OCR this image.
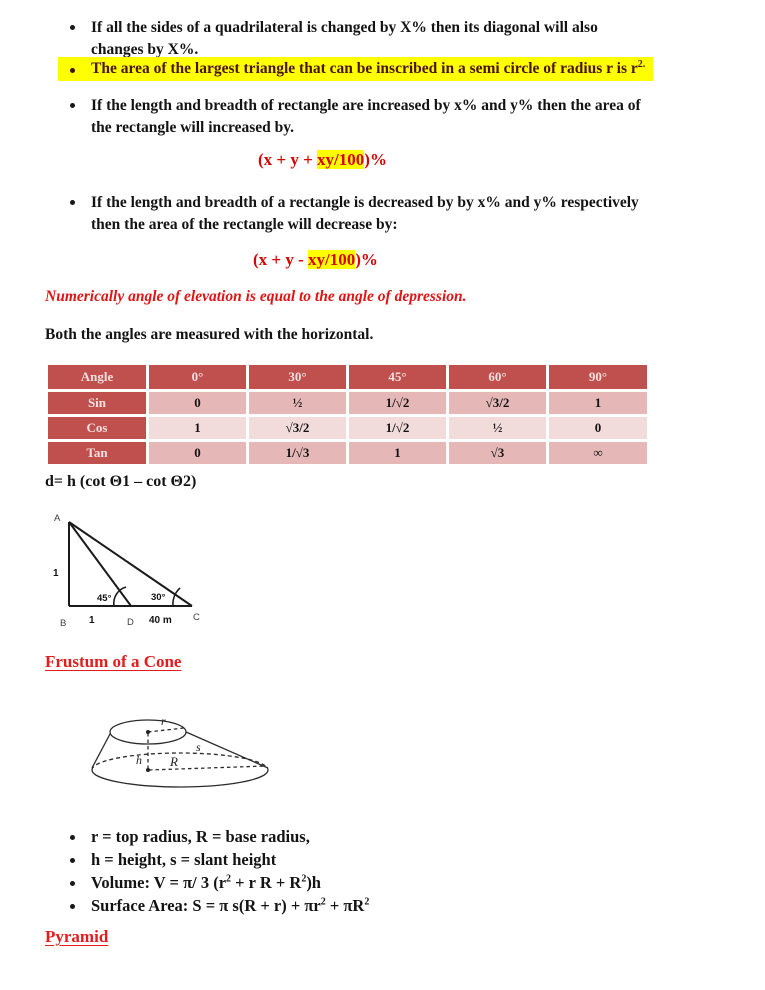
If all the sides of a quadrilateral is changed by X% then its diagonal will also
changes by X%.
The area of the largest triangle that can be inscribed in a semi circle of radius r is $r^{2.}$
If the length and breadth of rectangle are increased by x% and y% then the area of
the rectangle will increased by.
(x + y + xy/100)%
If the length and breadth of a rectangle is decreased by by x% and y% respectively
then the area of the rectangle will decrease by:
(x + y - xy/100)%
Numerically angle of elevation is equal to the angle of depression.
Both the angles are measured with the horizontal.
Angle	0°	30°	45°	60°	90°
Sin	0	½	1/√2	√3/2	1
Cos	1	√3/2	1/√2	½	0
Tan	0	1/√3	1	√3	∞
d= h (cot Θ1 – cot Θ2)
A
1
B 1	D 40 m C
45°	30°
Frustum of a Cone
r
s
h R
r = top radius, R = base radius,
h = height, s = slant height
Volume: V = π/ 3 ($r^2 + r$ $R + R^2)h$
Surface Area: S = π $s(R + r) + \pi r^2 + \pi R^2$
Pyramid
